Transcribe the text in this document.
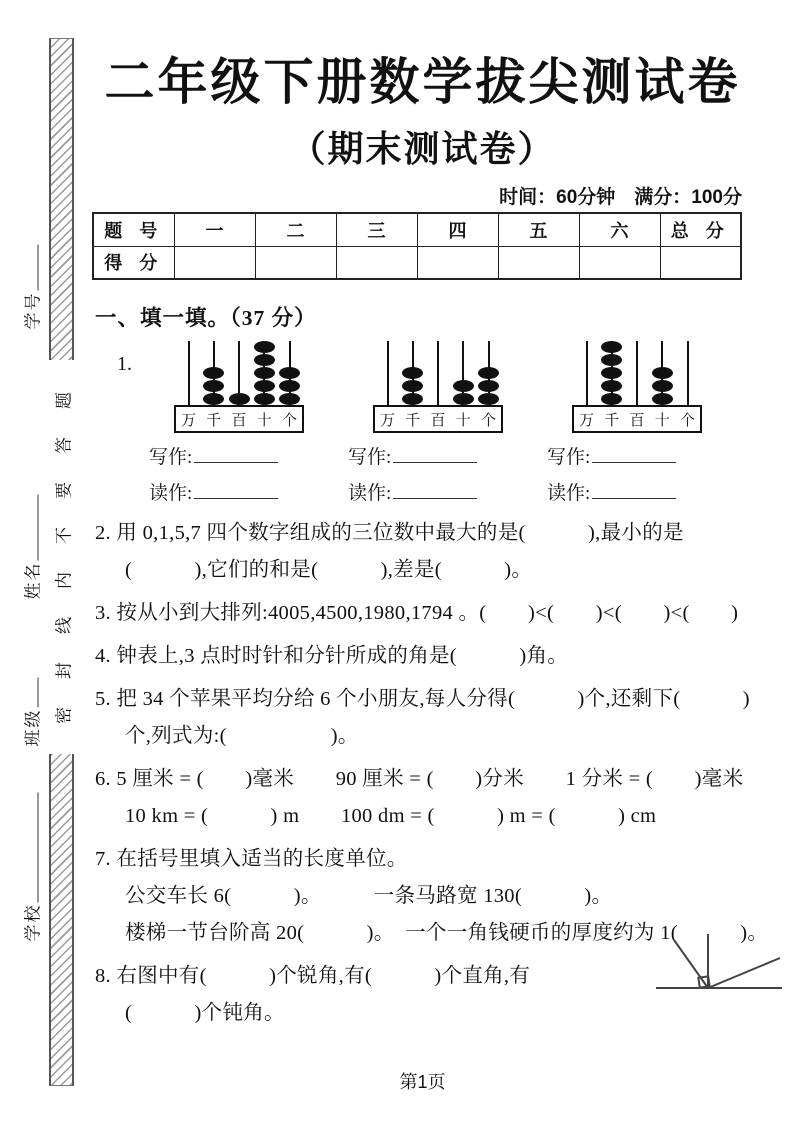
密封线内不要答题
学号
姓名
班级
学校
二年级下册数学拔尖测试卷
（期末测试卷）
时间：60分钟　满分：100分
题 号	一	二	三	四	五	六	总 分
得 分							
一、填一填。（37 分）
1.
万 千 百 十 个
写作:
读作:
万 千 百 十 个
写作:
读作:
万 千 百 十 个
写作:
读作:
2. 用 0,1,5,7 四个数字组成的三位数中最大的是(　　　),最小的是
(　　　),它们的和是(　　　),差是(　　　)。
3. 按从小到大排列:4005,4500,1980,1794 。(　　)<(　　)<(　　)<(　　)
4. 钟表上,3 点时时针和分针所成的角是(　　　)角。
5. 把 34 个苹果平均分给 6 个小朋友,每人分得(　　　)个,还剩下(　　　)
个,列式为:(　　　　　)。
6. 5 厘米 = (　　)毫米　　90 厘米 = (　　)分米　　1 分米 = (　　)毫米
10 km = (　　　) m　　100 dm = (　　　) m = (　　　) cm
7. 在括号里填入适当的长度单位。
公交车长 6(　　　)。　　　一条马路宽 130(　　　)。
楼梯一节台阶高 20(　　　)。　一个一角钱硬币的厚度约为 1(　　　)。
8. 右图中有(　　　)个锐角,有(　　　)个直角,有
(　　　)个钝角。
第1页
